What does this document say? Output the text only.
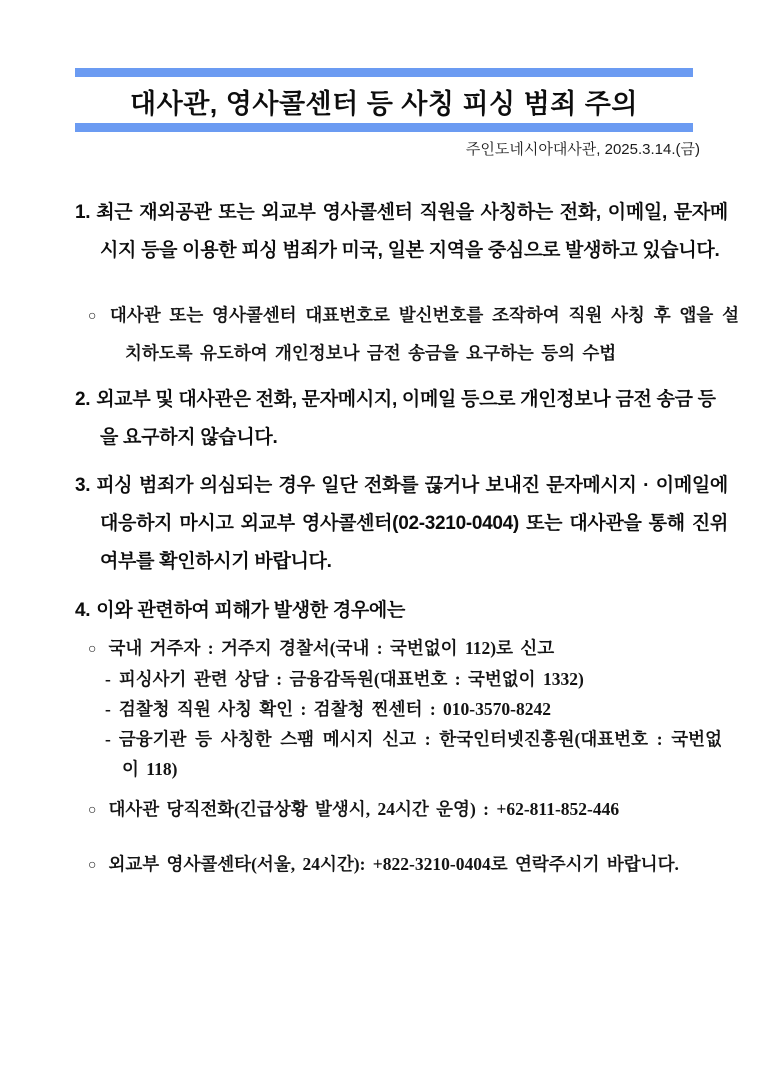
대사관, 영사콜센터 등 사칭 피싱 범죄 주의
주인도네시아대사관, 2025.3.14.(금)
1. 최근 재외공관 또는 외교부 영사콜센터 직원을 사칭하는 전화, 이메일, 문자메시지 등을 이용한 피싱 범죄가 미국, 일본 지역을 중심으로 발생하고 있습니다.
○ 대사관 또는 영사콜센터 대표번호로 발신번호를 조작하여 직원 사칭 후 앱을 설치하도록 유도하여 개인정보나 금전 송금을 요구하는 등의 수법
2. 외교부 및 대사관은 전화, 문자메시지, 이메일 등으로 개인정보나 금전 송금 등을 요구하지 않습니다.
3. 피싱 범죄가 의심되는 경우 일단 전화를 끊거나 보내진 문자메시지 · 이메일에 대응하지 마시고 외교부 영사콜센터(02-3210-0404) 또는 대사관을 통해 진위 여부를 확인하시기 바랍니다.
4. 이와 관련하여 피해가 발생한 경우에는
○ 국내 거주자 : 거주지 경찰서(국내 : 국번없이 112)로 신고
- 피싱사기 관련 상담 : 금융감독원(대표번호 : 국번없이 1332)
- 검찰청 직원 사칭 확인 : 검찰청 찐센터 : 010-3570-8242
- 금융기관 등 사칭한 스팸 메시지 신고 : 한국인터넷진흥원(대표번호 : 국번없이 118)
○ 대사관 당직전화(긴급상황 발생시, 24시간 운영) : +62-811-852-446
○ 외교부 영사콜센타(서울, 24시간): +822-3210-0404로 연락주시기 바랍니다.
